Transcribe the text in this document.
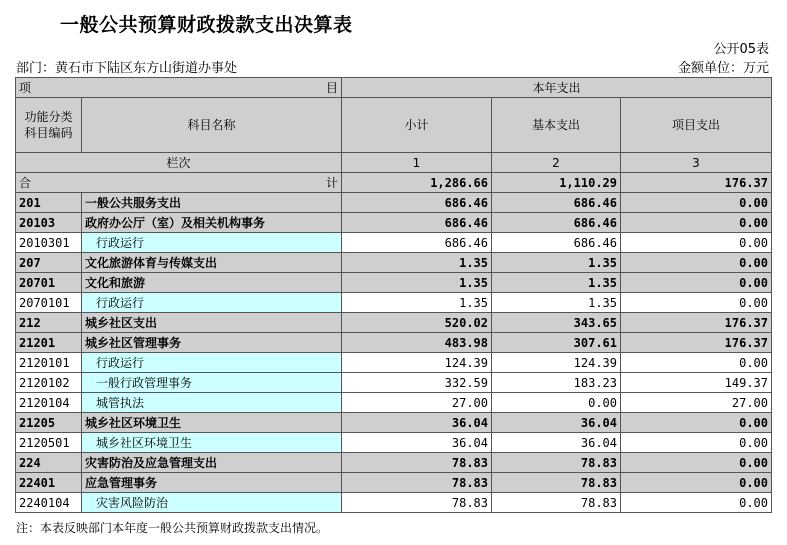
一般公共预算财政拨款支出决算表
公开05表
部门：黄石市下陆区东方山街道办事处	金额单位：万元
项 目		本年支出		

功能分类
科目编码	科目名称	小计	基本支出	项目支出
栏次		1	2	3
合 计		1,286.66	1,110.29	176.37
201	一般公共服务支出	686.46	686.46	0.00
20103	政府办公厅（室）及相关机构事务	686.46	686.46	0.00
2010301	行政运行	686.46	686.46	0.00
207	文化旅游体育与传媒支出	1.35	1.35	0.00
20701	文化和旅游	1.35	1.35	0.00
2070101	行政运行	1.35	1.35	0.00
212	城乡社区支出	520.02	343.65	176.37
21201	城乡社区管理事务	483.98	307.61	176.37
2120101	行政运行	124.39	124.39	0.00
2120102	一般行政管理事务	332.59	183.23	149.37
2120104	城管执法	27.00	0.00	27.00
21205	城乡社区环境卫生	36.04	36.04	0.00
2120501	城乡社区环境卫生	36.04	36.04	0.00
224	灾害防治及应急管理支出	78.83	78.83	0.00
22401	应急管理事务	78.83	78.83	0.00
2240104	灾害风险防治	78.83	78.83	0.00
注：本表反映部门本年度一般公共预算财政拨款支出情况。
